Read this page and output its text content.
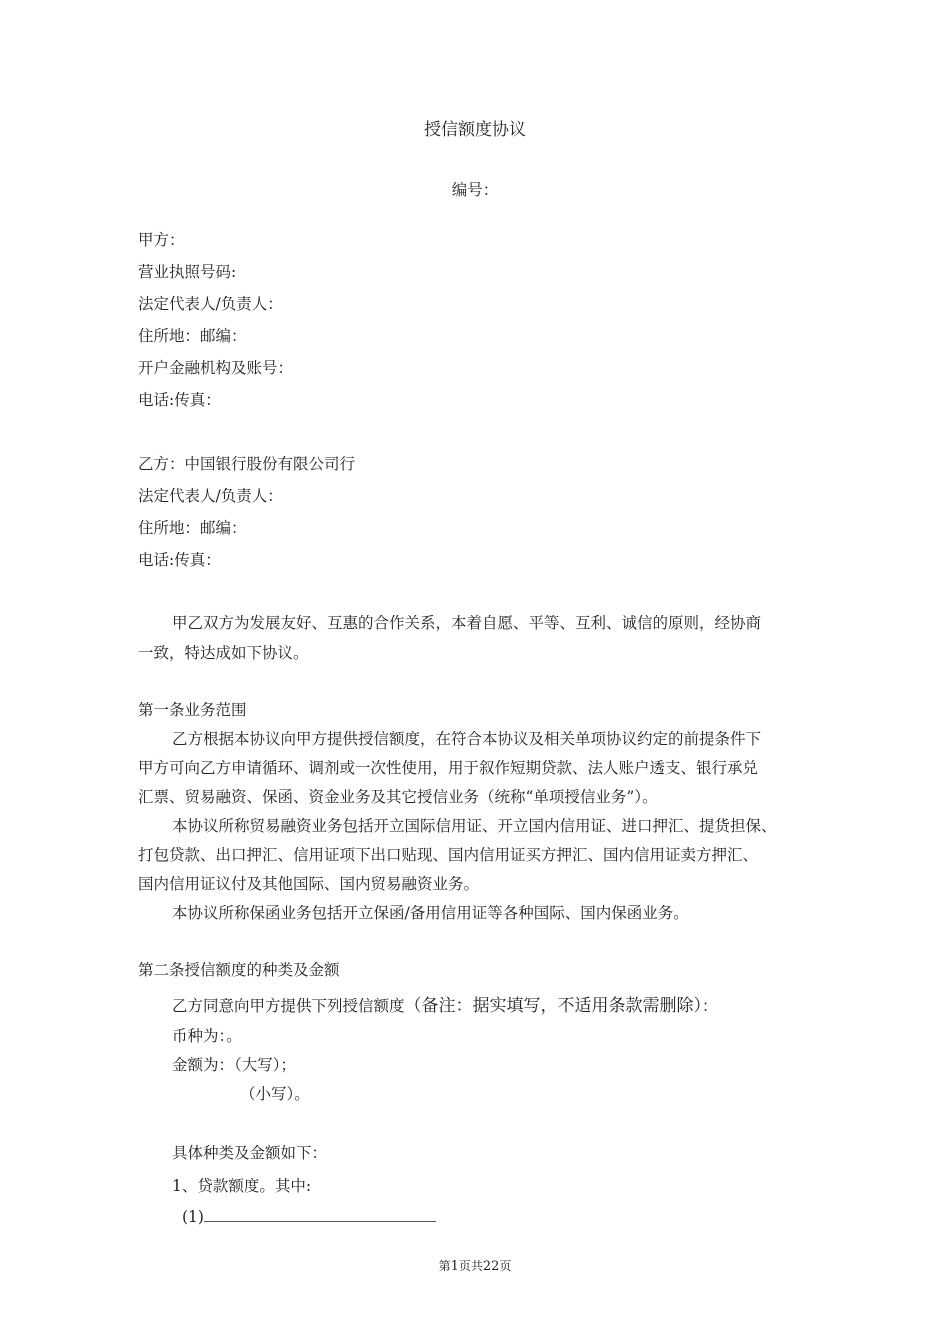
授信额度协议
编号：
甲方：
营业执照号码:
法定代表人/负责人：
住所地：邮编：
开户金融机构及账号：
电话:传真：
乙方：中国银行股份有限公司行
法定代表人/负责人：
住所地：邮编：
电话:传真：
甲乙双方为发展友好、互惠的合作关系，本着自愿、平等、互利、诚信的原则，经协商
一致，特达成如下协议。
第一条业务范围
乙方根据本协议向甲方提供授信额度，在符合本协议及相关单项协议约定的前提条件下
甲方可向乙方申请循环、调剂或一次性使用，用于叙作短期贷款、法人账户透支、银行承兑
汇票、贸易融资、保函、资金业务及其它授信业务（统称“单项授信业务”）。
本协议所称贸易融资业务包括开立国际信用证、开立国内信用证、进口押汇、提货担保、
打包贷款、出口押汇、信用证项下出口贴现、国内信用证买方押汇、国内信用证卖方押汇、
国内信用证议付及其他国际、国内贸易融资业务。
本协议所称保函业务包括开立保函/备用信用证等各种国际、国内保函业务。
第二条授信额度的种类及金额
乙方同意向甲方提供下列授信额度（备注：据实填写，不适用条款需删除）：
币种为：。
金额为：（大写）；
（小写）。
具体种类及金额如下：
1、贷款额度。其中:
(1)
第1页共22页
